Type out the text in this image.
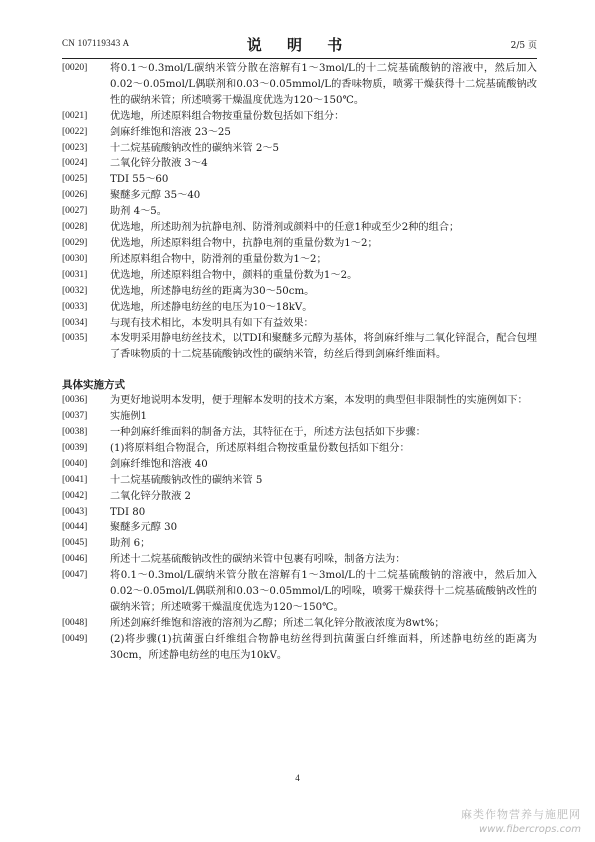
CN 107119343 A	说 明 书	2/5 页
[0020]	将0.1～0.3mol/L碳纳米管分散在溶解有1～3mol/L的十二烷基硫酸钠的溶液中，然后加入0.02～0.05mol/L偶联剂和0.03～0.05mmol/L的香味物质，喷雾干燥获得十二烷基硫酸钠改性的碳纳米管；所述喷雾干燥温度优选为120～150℃。
[0021]	优选地，所述原料组合物按重量份数包括如下组分：
[0022]	剑麻纤维饱和溶液 23～25
[0023]	十二烷基硫酸钠改性的碳纳米管 2～5
[0024]	二氧化锌分散液 3～4
[0025]	TDI 55～60
[0026]	聚醚多元醇 35～40
[0027]	助剂 4～5。
[0028]	优选地，所述助剂为抗静电剂、防滑剂或颜料中的任意1种或至少2种的组合；
[0029]	优选地，所述原料组合物中，抗静电剂的重量份数为1～2；
[0030]	所述原料组合物中，防滑剂的重量份数为1～2；
[0031]	优选地，所述原料组合物中，颜料的重量份数为1～2。
[0032]	优选地，所述静电纺丝的距离为30～50cm。
[0033]	优选地，所述静电纺丝的电压为10～18kV。
[0034]	与现有技术相比，本发明具有如下有益效果：
[0035]	本发明采用静电纺丝技术，以TDI和聚醚多元醇为基体，将剑麻纤维与二氧化锌混合，配合包埋了香味物质的十二烷基硫酸钠改性的碳纳米管，纺丝后得到剑麻纤维面料。
具体实施方式
[0036]	为更好地说明本发明，便于理解本发明的技术方案，本发明的典型但非限制性的实施例如下：
[0037]	实施例1
[0038]	一种剑麻纤维面料的制备方法，其特征在于，所述方法包括如下步骤：
[0039]	(1)将原料组合物混合，所述原料组合物按重量份数包括如下组分：
[0040]	剑麻纤维饱和溶液 40
[0041]	十二烷基硫酸钠改性的碳纳米管 5
[0042]	二氧化锌分散液 2
[0043]	TDI 80
[0044]	聚醚多元醇 30
[0045]	助剂 6；
[0046]	所述十二烷基硫酸钠改性的碳纳米管中包裹有吲哚，制备方法为：
[0047]	将0.1～0.3mol/L碳纳米管分散在溶解有1～3mol/L的十二烷基硫酸钠的溶液中，然后加入0.02～0.05mol/L偶联剂和0.03～0.05mmol/L的吲哚，喷雾干燥获得十二烷基硫酸钠改性的碳纳米管；所述喷雾干燥温度优选为120～150℃。
[0048]	所述剑麻纤维饱和溶液的溶剂为乙醇；所述二氧化锌分散液浓度为8wt%；
[0049]	(2)将步骤(1)抗菌蛋白纤维组合物静电纺丝得到抗菌蛋白纤维面料，所述静电纺丝的距离为30cm，所述静电纺丝的电压为10kV。
4
麻类作物营养与施肥网
www.fibercrops.com
